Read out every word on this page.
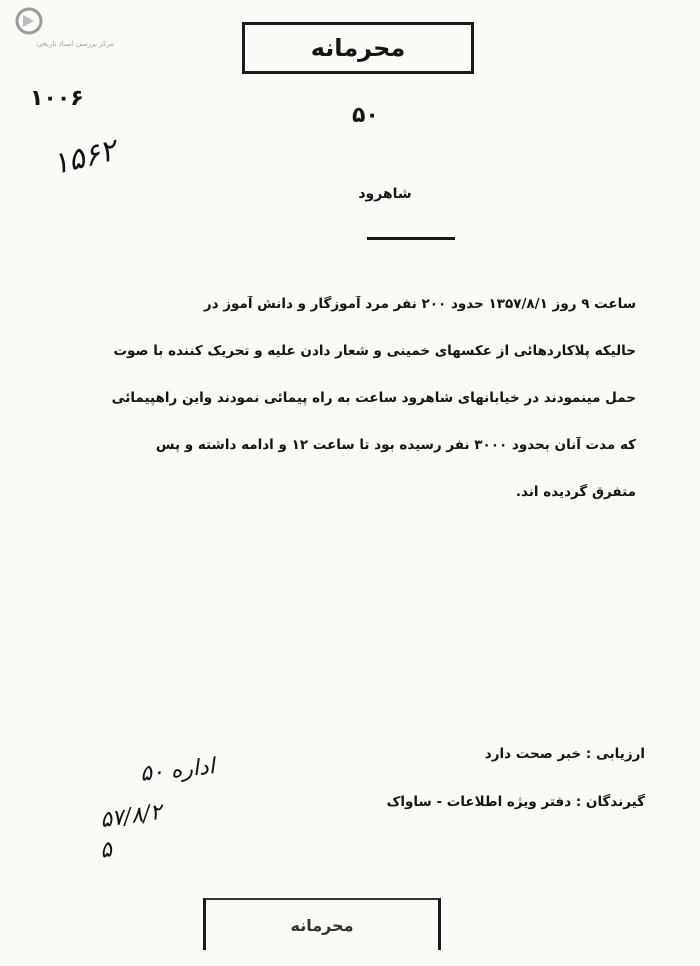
مرکز بررسی اسناد تاریخی	محرمانه
۱۰۰۶
۵۰
۱۵۶۲
شاهرود
ساعت ۹ روز ۱۳۵۷/۸/۱ حدود ۲۰۰ نفر مرد آموزگار و دانش آموز در
حالیکه پلاکاردهائی از عکسهای خمینی و شعار دادن علیه و تحریک کننده با صوت
حمل مینمودند در خیابانهای شاهرود ساعت به راه پیمائی نمودند واین راهپیمائی
که مدت آنان بحدود ۳۰۰۰ نفر رسیده بود تا ساعت ۱۲ و ادامه داشته و پس
متفرق گردیده اند.
ارزیابی : خبر صحت دارد
گیرندگان : دفتر ویژه اطلاعات - ساواک
اداره ۵۰
۵۷/۸/۲
۵
محرمانه
